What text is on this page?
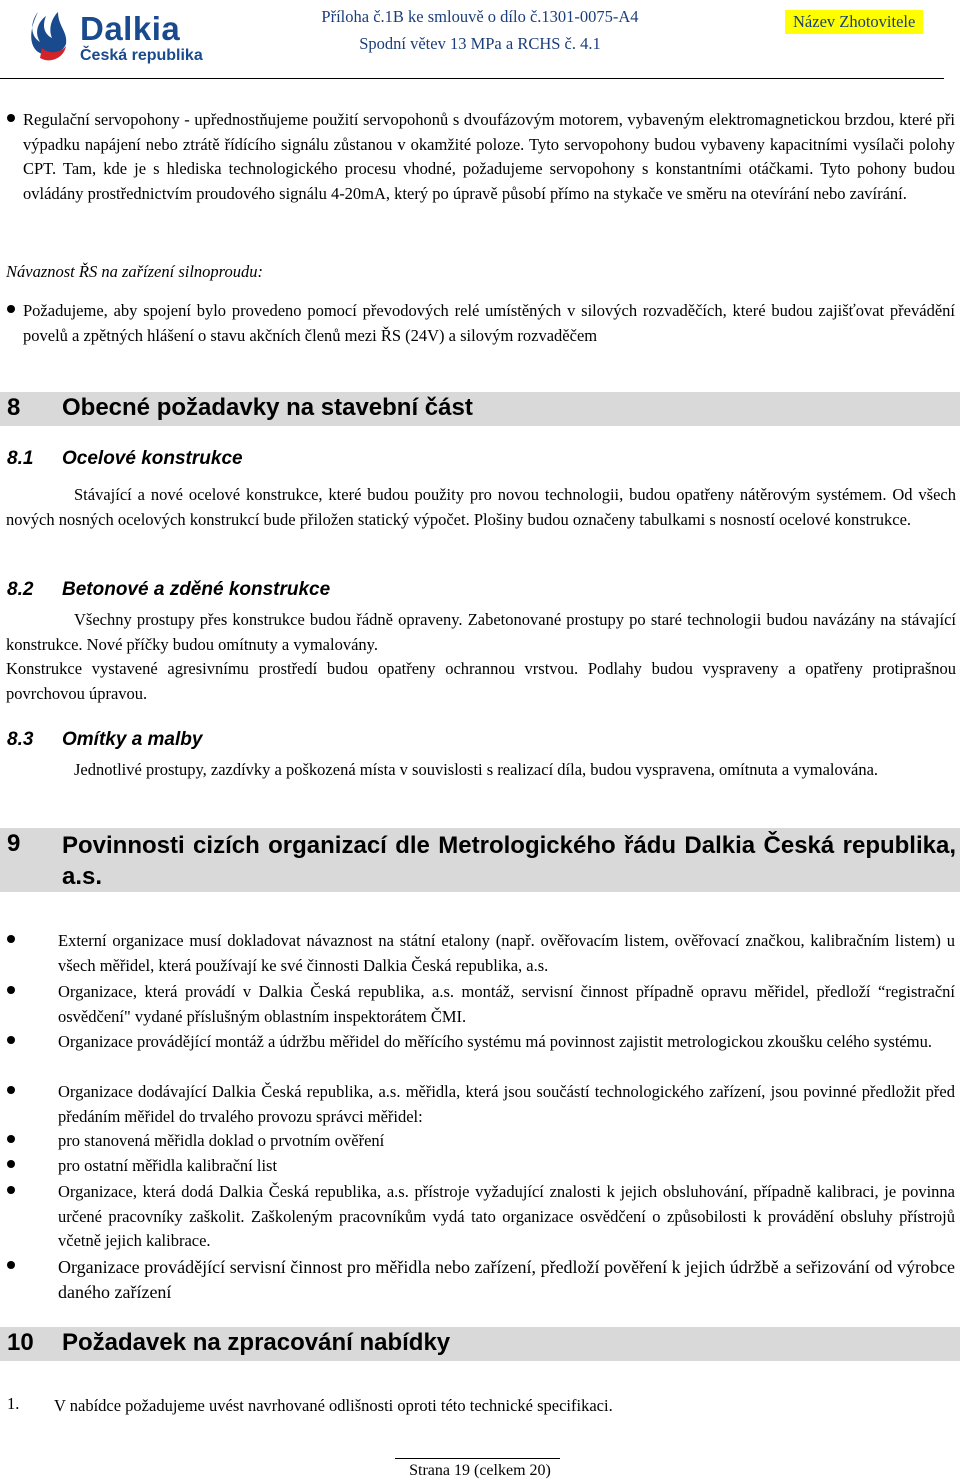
Dalkia
Česká republika
Příloha č.1B ke smlouvě o dílo č.1301-0075-A4
Spodní větev 13 MPa a RCHS č. 4.1
Název Zhotovitele
Regulační servopohony - upřednostňujeme použití servopohonů s dvoufázovým motorem, vybaveným elektromagnetickou brzdou, které při výpadku napájení nebo ztrátě řídícího signálu zůstanou v okamžité poloze. Tyto servopohony budou vybaveny kapacitními vysílači polohy CPT. Tam, kde je s hlediska technologického procesu vhodné, požadujeme servopohony s konstantními otáčkami. Tyto pohony budou ovládány prostřednictvím proudového signálu 4-20mA, který po úpravě působí přímo na stykače ve směru na otevírání nebo zavírání.
Návaznost ŘS na zařízení silnoproudu:
Požadujeme, aby spojení bylo provedeno pomocí převodových relé umístěných v silových rozvaděčích, které budou zajišťovat převádění povelů a zpětných hlášení o stavu akčních členů mezi ŘS (24V) a silovým rozvaděčem
8 Obecné požadavky na stavební část
8.1 Ocelové konstrukce
Stávající a nové ocelové konstrukce, které budou použity pro novou technologii, budou opatřeny nátěrovým systémem. Od všech nových nosných ocelových konstrukcí bude přiložen statický výpočet. Plošiny budou označeny tabulkami s nosností ocelové konstrukce.
8.2 Betonové a zděné konstrukce
Všechny prostupy přes konstrukce budou řádně opraveny. Zabetonované prostupy po staré technologii budou navázány na stávající konstrukce. Nové příčky budou omítnuty a vymalovány.
Konstrukce vystavené agresivnímu prostředí budou opatřeny ochrannou vrstvou. Podlahy budou vyspraveny a opatřeny protiprašnou povrchovou úpravou.
8.3 Omítky a malby
Jednotlivé prostupy, zazdívky a poškozená místa v souvislosti s realizací díla, budou vyspravena, omítnuta a vymalována.
9 Povinnosti cizích organizací dle Metrologického řádu Dalkia Česká republika, a.s.
Externí organizace musí dokladovat návaznost na státní etalony (např. ověřovacím listem, ověřovací značkou, kalibračním listem) u všech měřidel, která používají ke své činnosti Dalkia Česká republika, a.s.
Organizace, která provádí v Dalkia Česká republika, a.s. montáž, servisní činnost případně opravu měřidel, předloží “registrační osvědčení" vydané příslušným oblastním inspektorátem ČMI.
Organizace provádějící montáž a údržbu měřidel do měřícího systému má povinnost zajistit metrologickou zkoušku celého systému.
Organizace dodávající Dalkia Česká republika, a.s. měřidla, která jsou součástí technologického zařízení, jsou povinné předložit před předáním měřidel do trvalého provozu správci měřidel:
pro stanovená měřidla doklad o prvotním ověření
pro ostatní měřidla kalibrační list
Organizace, která dodá Dalkia Česká republika, a.s. přístroje vyžadující znalosti k jejich obsluhování, případně kalibraci, je povinna určené pracovníky zaškolit. Zaškoleným pracovníkům vydá tato organizace osvědčení o způsobilosti k provádění obsluhy přístrojů včetně jejich kalibrace.
Organizace provádějící servisní činnost pro měřidla nebo zařízení, předloží pověření k jejich údržbě a seřizování od výrobce daného zařízení
10 Požadavek na zpracování nabídky
1. V nabídce požadujeme uvést navrhované odlišnosti oproti této technické specifikaci.
Strana 19 (celkem 20)
